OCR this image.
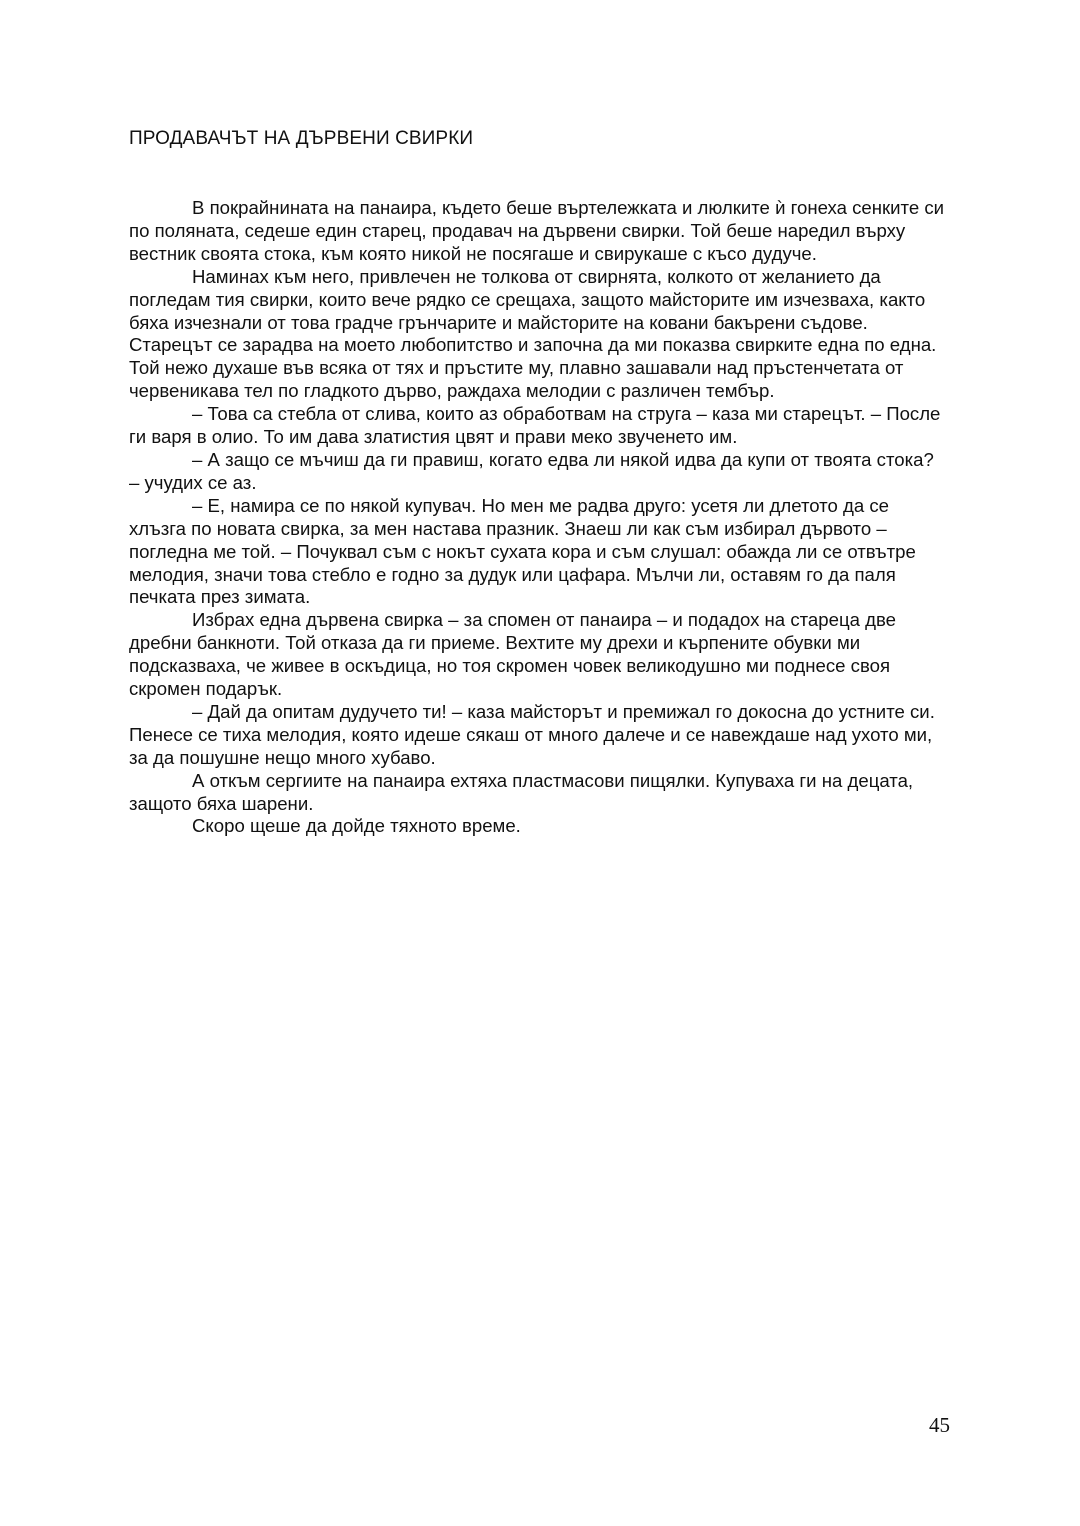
ПРОДАВАЧЪТ НА ДЪРВЕНИ СВИРКИ

В покрайнината на панаира, където беше въртележката и люлките ѝ гонеха сенките си по поляната, седеше един старец, продавач на дървени свирки. Той беше наредил върху вестник своята стока, към която никой не посягаше и свирукаше с късо дудуче.

Наминах към него, привлечен не толкова от свирнята, колкото от желанието да погледам тия свирки, които вече рядко се срещаха, защото майсторите им изчезваха, както бяха изчезнали от това градче грънчарите и майсторите на ковани бакърени съдове. Старецът се зарадва на моето любопитство и започна да ми показва свирките една по една. Той нежо духаше във всяка от тях и пръстите му, плавно зашавали над пръстенчетата от червеникава тел по гладкото дърво, раждаха мелодии с различен тембър.

– Това са стебла от слива, които аз обработвам на струга – каза ми старецът. – После ги варя в олио. То им дава златистия цвят и прави меко звученето им.

– А защо се мъчиш да ги правиш, когато едва ли някой идва да купи от твоята стока? – учудих се аз.

– Е, намира се по някой купувач. Но мен ме радва друго: усетя ли длетото да се хлъзга по новата свирка, за мен настава празник. Знаеш ли как съм избирал дървото – погледна ме той. – Почуквал съм с нокът сухата кора и съм слушал: обажда ли се отвътре мелодия, значи това стебло е годно за дудук или цафара. Мълчи ли, оставям го да паля печката през зимата.

Избрах една дървена свирка – за спомен от панаира – и подадох на стареца две дребни банкноти. Той отказа да ги приеме. Вехтите му дрехи и кърпените обувки ми подсказваха, че живее в оскъдица, но тоя скромен човек великодушно ми поднесе своя скромен подарък.

– Дай да опитам дудучето ти! – каза майсторът и премижал го докосна до устните си. Пенесе се тиха мелодия, която идеше сякаш от много далече и се навеждаше над ухото ми, за да пошушне нещо много хубаво.

А откъм сергиите на панаира ехтяха пластмасови пищялки. Купуваха ги на децата, защото бяха шарени.

Скоро щеше да дойде тяхното време.

45
